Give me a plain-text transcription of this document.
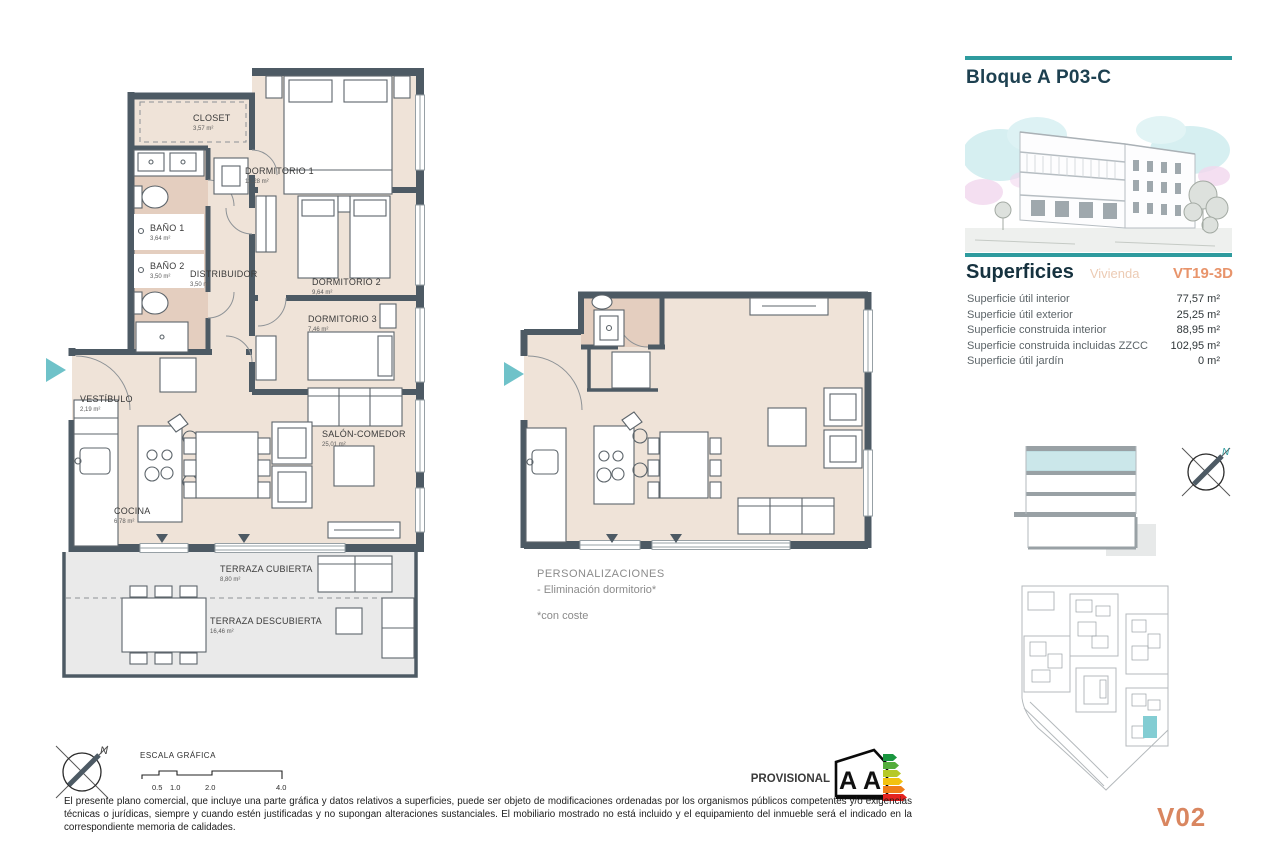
CLOSET
3,57 m²
DORMITORIO 1
12,28 m²
BAÑO 1
3,64 m²
BAÑO 2
3,50 m² DISTRIBUIDOR
3,50 m²	DORMITORIO 2
9,64 m²
DORMITORIO 3
7,46 m²
VESTÍBULO
2,19 m²
SALÓN-COMEDOR
25,01 m²
COCINA
6,78 m²
TERRAZA CUBIERTA
8,80 m²
TERRAZA DESCUBIERTA
16,46 m²
N	ESCALA GRÁFICA
0.5 1.0	2.0	4.0
PROVISIONAL A A
PERSONALIZACIONES
- Eliminación dormitorio*
*con coste
El presente plano comercial, que incluye una parte gráfica y datos relativos a superficies, puede ser objeto de modificaciones ordenadas por los organismos públicos competentes y/o exigencias técnicas o jurídicas, siempre y cuando estén justificadas y no supongan alteraciones sustanciales. El mobiliario mostrado no está incluido y el equipamiento del inmueble será el indicado en la correspondiente memoria de calidades.
Bloque A P03-C
Superficies Vivienda VT19-3D
Superficie útil interior	77,57 m²
Superficie útil exterior	25,25 m²
Superficie construida interior	88,95 m²
Superficie construida incluidas ZZCC 102,95 m²
Superficie útil jardín	0 m²
N
V02
